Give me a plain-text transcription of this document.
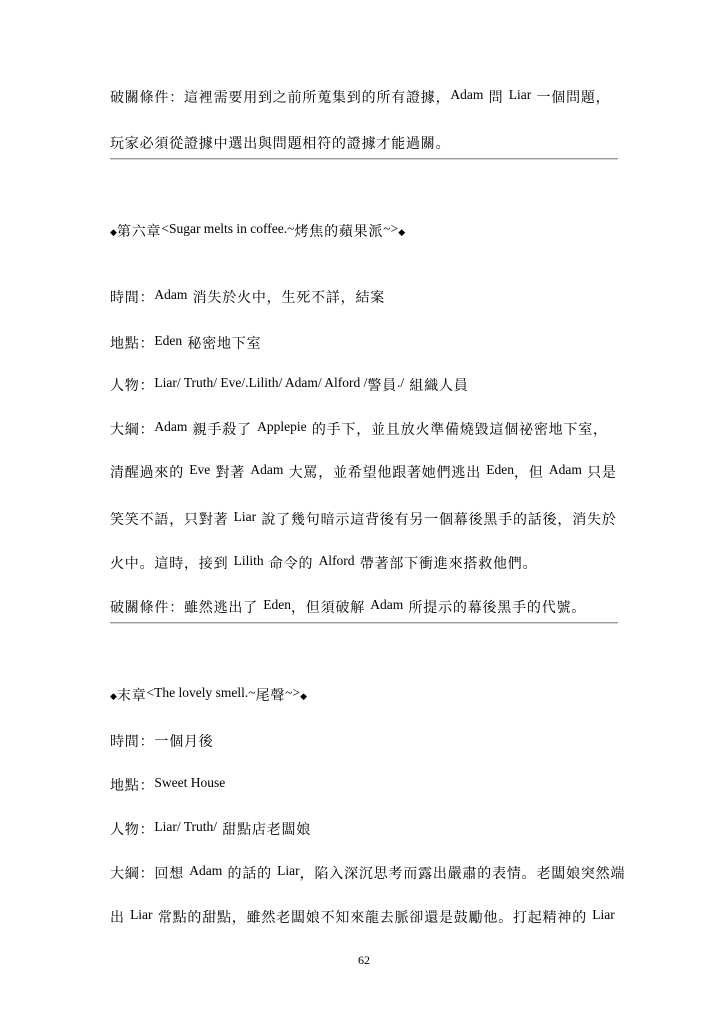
破關條件：這裡需要用到之前所蒐集到的所有證據，Adam 問 Liar 一個問題，
玩家必須從證據中選出與問題相符的證據才能過關。
◆第六章<Sugar melts in coffee.~烤焦的蘋果派~>◆
時間：Adam 消失於火中，生死不詳，結案
地點：Eden 秘密地下室
人物：Liar/ Truth/ Eve/.Lilith/ Adam/ Alford /警員./ 組織人員
大綱：Adam 親手殺了 Applepie 的手下，並且放火準備燒毀這個祕密地下室，
清醒過來的 Eve 對著 Adam 大罵，並希望他跟著她們逃出 Eden，但 Adam 只是
笑笑不語，只對著 Liar 說了幾句暗示這背後有另一個幕後黑手的話後，消失於
火中。這時，接到 Lilith 命令的 Alford 帶著部下衝進來搭救他們。
破關條件：雖然逃出了 Eden，但須破解 Adam 所提示的幕後黑手的代號。
◆末章<The lovely smell.~尾聲~>◆
時間：一個月後
地點：Sweet House
人物：Liar/ Truth/ 甜點店老闆娘
大綱：回想 Adam 的話的 Liar，陷入深沉思考而露出嚴肅的表情。老闆娘突然端
出 Liar 常點的甜點，雖然老闆娘不知來龍去脈卻還是鼓勵他。打起精神的 Liar
62
